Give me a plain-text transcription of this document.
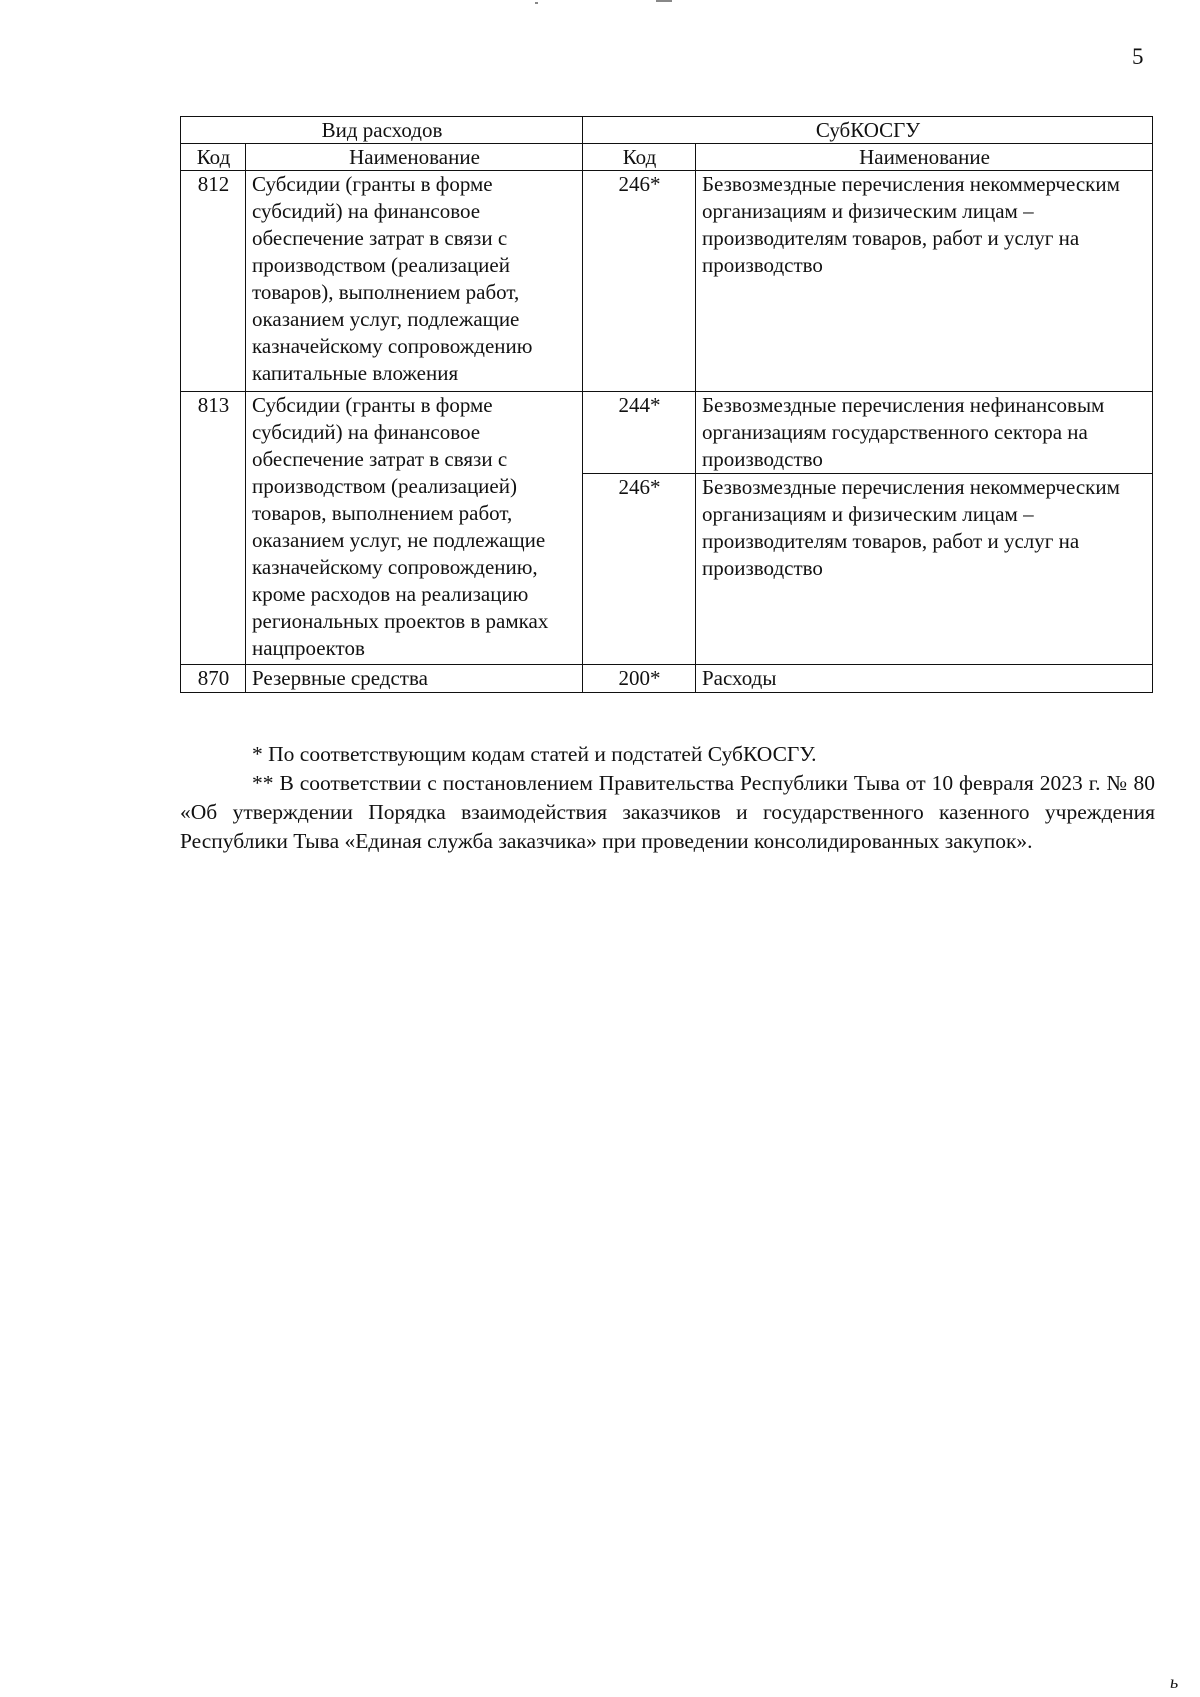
5
Вид расходов		СубКОСГУ	
Код	Наименование	Код	Наименование
812	Субсидии (гранты в форме субсидий) на финансовое обеспечение затрат в связи с производством (реализацией товаров), выполнением работ, оказанием услуг, подлежащие казначейскому сопровождению капитальные вложения	246*	Безвозмездные перечисления некоммерческим организациям и физическим лицам – производителям товаров, работ и услуг на производство
813	Субсидии (гранты в форме субсидий) на финансовое обеспечение затрат в связи с производством (реализацией) товаров, выполнением работ, оказанием услуг, не подлежащие казначейскому сопровождению, кроме расходов на реализацию региональных проектов в рамках нацпроектов	244*	Безвозмездные перечисления нефинансовым организациям государственного сектора на производство
		246*	Безвозмездные перечисления некоммерческим организациям и физическим лицам – производителям товаров, работ и услуг на производство
870	Резервные средства	200*	Расходы

* По соответствующим кодам статей и подстатей СубКОСГУ.

** В соответствии с постановлением Правительства Республики Тыва от 10 февраля 2023 г. № 80 «Об утверждении Порядка взаимодействия заказчиков и государственного казенного учреждения Республики Тыва «Единая служба заказчика» при проведении консолидированных закупок».

ь
